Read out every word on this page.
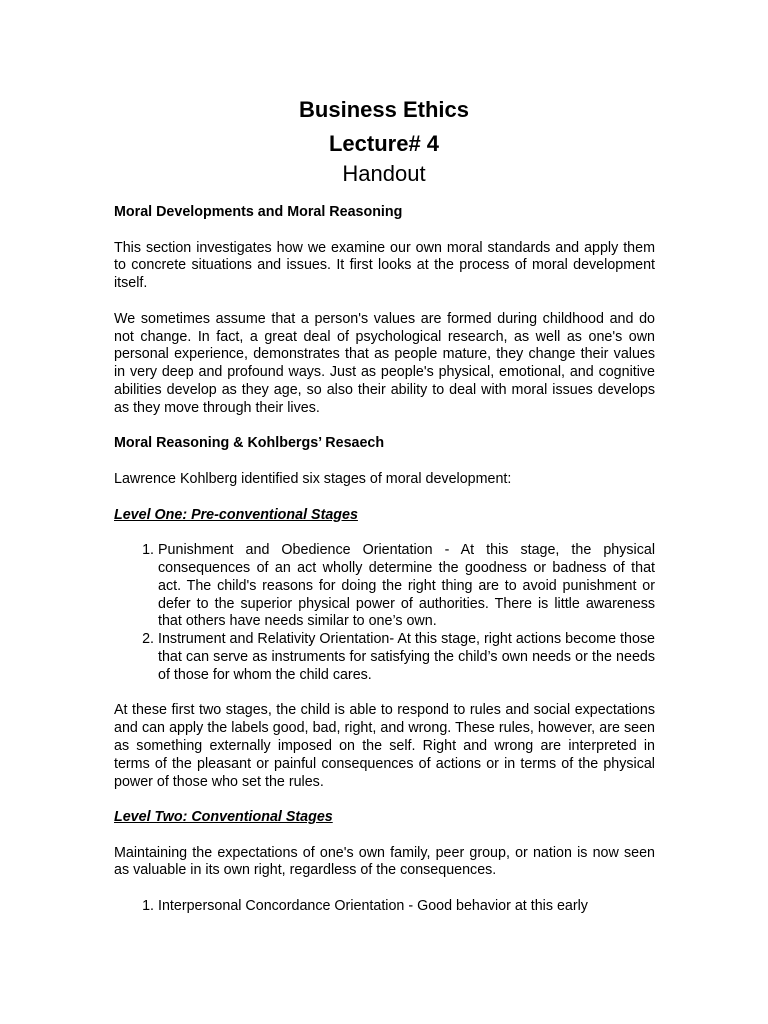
Business Ethics
Lecture# 4
Handout

Moral Developments and Moral Reasoning

This section investigates how we examine our own moral standards and apply them to concrete situations and issues. It first looks at the process of moral development itself.

We sometimes assume that a person's values are formed during childhood and do not change. In fact, a great deal of psychological research, as well as one's own personal experience, demonstrates that as people mature, they change their values in very deep and profound ways. Just as people's physical, emotional, and cognitive abilities develop as they age, so also their ability to deal with moral issues develops as they move through their lives.

Moral Reasoning & Kohlbergs’ Resaech

Lawrence Kohlberg identified six stages of moral development:

Level One: Pre-conventional Stages

1. Punishment and Obedience Orientation - At this stage, the physical consequences of an act wholly determine the goodness or badness of that act. The child's reasons for doing the right thing are to avoid punishment or defer to the superior physical power of authorities. There is little awareness that others have needs similar to one’s own.
2. Instrument and Relativity Orientation- At this stage, right actions become those that can serve as instruments for satisfying the child’s own needs or the needs of those for whom the child cares.

At these first two stages, the child is able to respond to rules and social expectations and can apply the labels good, bad, right, and wrong. These rules, however, are seen as something externally imposed on the self. Right and wrong are interpreted in terms of the pleasant or painful consequences of actions or in terms of the physical power of those who set the rules.

Level Two: Conventional Stages

Maintaining the expectations of one's own family, peer group, or nation is now seen as valuable in its own right, regardless of the consequences.

1. Interpersonal Concordance Orientation - Good behavior at this early
